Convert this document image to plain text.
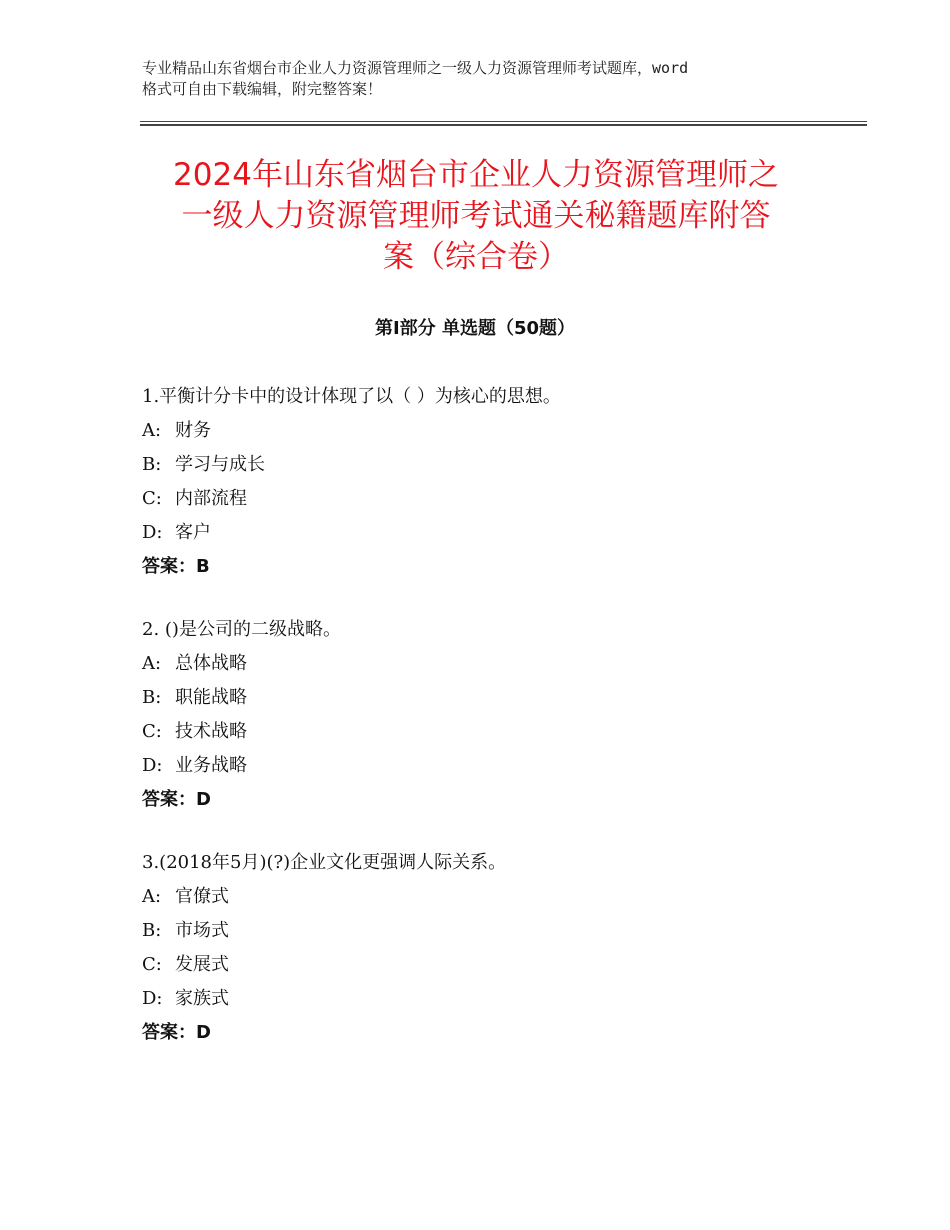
专业精品山东省烟台市企业人力资源管理师之一级人力资源管理师考试题库，word
格式可自由下载编辑，附完整答案！
2024年山东省烟台市企业人力资源管理师之
一级人力资源管理师考试通关秘籍题库附答
案（综合卷）
第Ⅰ部分 单选题（50题）
1.平衡计分卡中的设计体现了以（ ）为核心的思想。
A: 财务
B: 学习与成长
C: 内部流程
D: 客户
答案：B
2. ()是公司的二级战略。
A: 总体战略
B: 职能战略
C: 技术战略
D: 业务战略
答案：D
3.(2018年5月)(?)企业文化更强调人际关系。
A: 官僚式
B: 市场式
C: 发展式
D: 家族式
答案：D
